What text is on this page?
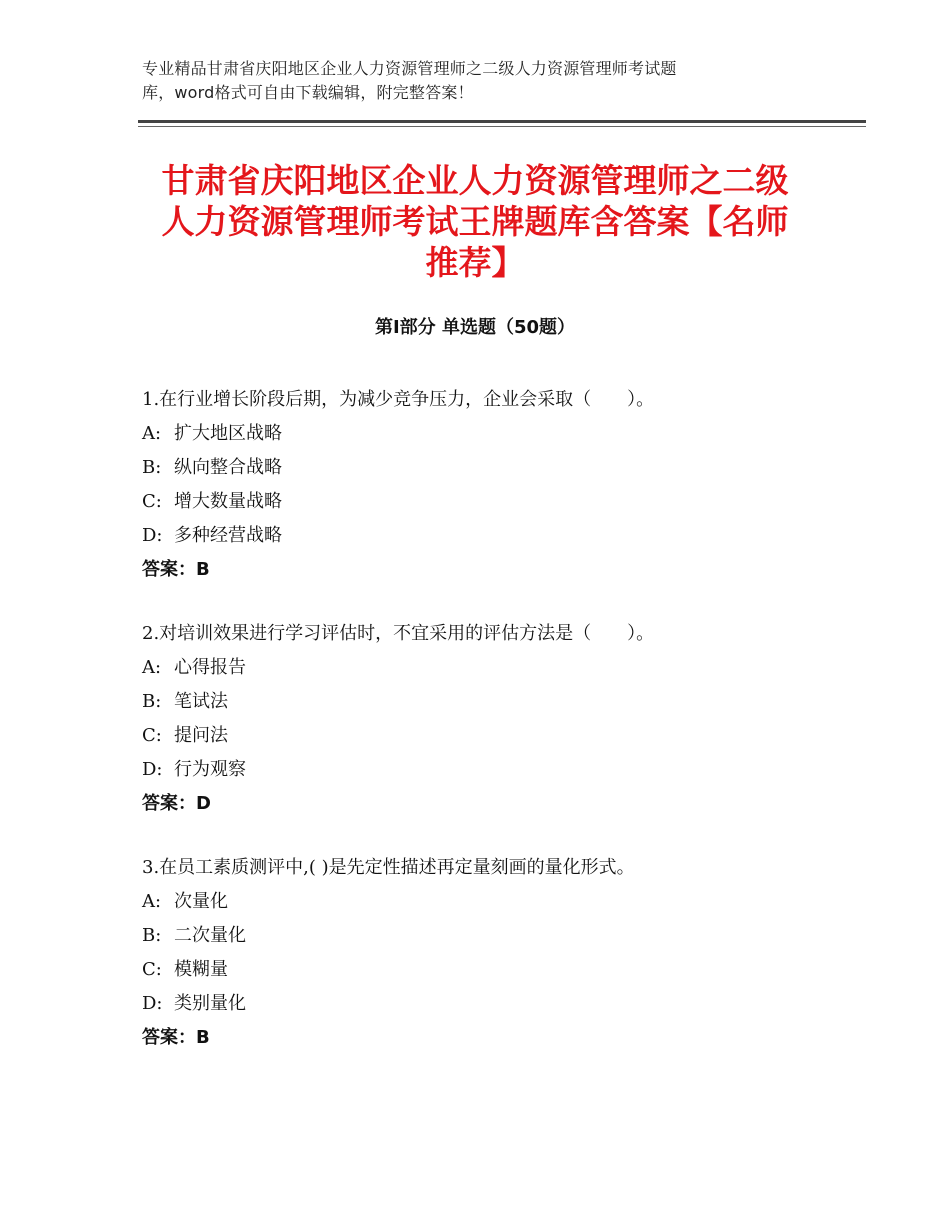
专业精品甘肃省庆阳地区企业人力资源管理师之二级人力资源管理师考试题
库，word格式可自由下载编辑，附完整答案！
甘肃省庆阳地区企业人力资源管理师之二级
人力资源管理师考试王牌题库含答案【名师
推荐】
第Ⅰ部分 单选题（50题）
1.在行业增长阶段后期，为减少竞争压力，企业会采取（　　）。
A: 扩大地区战略
B: 纵向整合战略
C: 增大数量战略
D: 多种经营战略
答案：B
2.对培训效果进行学习评估时，不宜采用的评估方法是（　　）。
A: 心得报告
B: 笔试法
C: 提问法
D: 行为观察
答案：D
3.在员工素质测评中,( )是先定性描述再定量刻画的量化形式。
A: 次量化
B: 二次量化
C: 模糊量
D: 类别量化
答案：B
